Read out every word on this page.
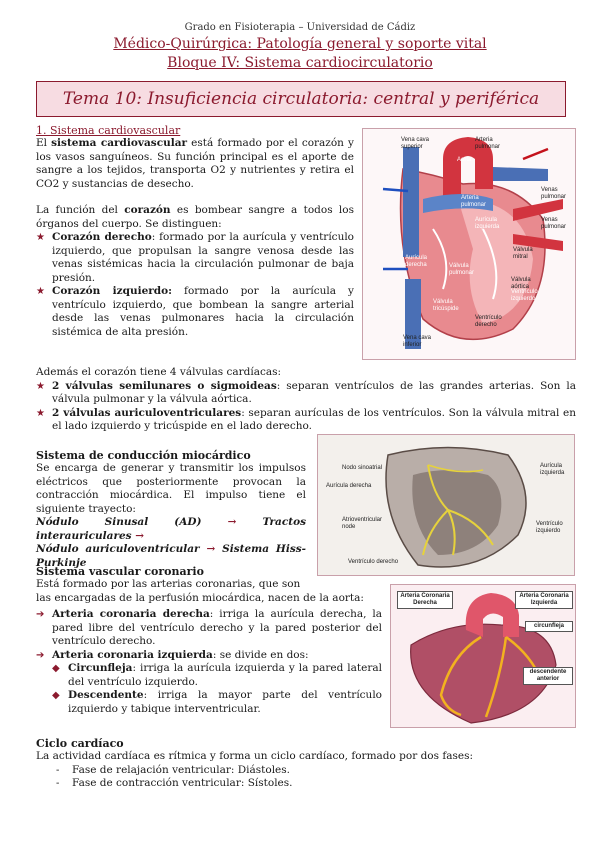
Grado en Fisioterapia – Universidad de Cádiz
Médico-Quirúrgica: Patología general y soporte vital
Bloque IV: Sistema cardiocirculatorio
Tema 10: Insuficiencia circulatoria: central y periférica
1. Sistema cardiovascular
El sistema cardiovascular está formado por el corazón y los vasos sanguíneos. Su función principal es el aporte de sangre a los tejidos, transporta O2 y nutrientes y retira el CO2 y sustancias de desecho.
La función del corazón es bombear sangre a todos los órganos del cuerpo. Se distinguen:
★ Corazón derecho: formado por la aurícula y ventrículo izquierdo, que propulsan la sangre venosa desde las venas sistémicas hacia la circulación pulmonar de baja presión.
★ Corazón izquierdo: formado por la aurícula y ventrículo izquierdo, que bombean la sangre arterial desde las venas pulmonares hacia la circulación sistémica de alta presión.
Además el corazón tiene 4 válvulas cardíacas:
★ 2 válvulas semilunares o sigmoideas: separan ventrículos de las grandes arterias. Son la válvula pulmonar y la válvula aórtica.
★ 2 válvulas auriculoventriculares: separan aurículas de los ventrículos. Son la válvula mitral en el lado izquierdo y tricúspide en el lado derecho.
Vena cava superior
Arteria pulmonar
Aorta
Arteria pulmonar
Venas pulmonar
Venas pulmonar
Aurícula izquierda
Aurícula derecha	Válvula pulmonar
Válvula mitral
Válvula aórtica
Ventrículo izquierdo
Válvula tricúspide
Ventrículo derecho
Vena cava inferior
Sistema de conducción miocárdico
Se encarga de generar y transmitir los impulsos eléctricos que posteriormente provocan la contracción miocárdica. El impulso tiene el siguiente trayecto:
Nódulo Sinusal (AD) → Tractos interauriculares →
Nódulo auriculoventricular → Sistema Hiss-Purkinje
Nodo sinoatrial
Aurícula derecha
Atrioventricular node
Ventrículo derecho
Aurícula izquierda
Ventrículo izquierdo
Sistema vascular coronario
Está formado por las arterias coronarias, que son
las encargadas de la perfusión miocárdica, nacen de la aorta:
➔ Arteria coronaria derecha: irriga la aurícula derecha, la pared libre del ventrículo derecho y la pared posterior del ventrículo derecho.
➔ Arteria coronaria izquierda: se divide en dos:
◆ Circunfleja: irriga la aurícula izquierda y la pared lateral del ventrículo izquierdo.
◆ Descendente: irriga la mayor parte del ventrículo izquierdo y tabique interventricular.
Arteria Coronaria Derecha
Arteria Coronaria Izquierda
circunfleja
descendente anterior
Ciclo cardíaco
La actividad cardíaca es rítmica y forma un ciclo cardíaco, formado por dos fases:
- Fase de relajación ventricular: Diástoles.
- Fase de contracción ventricular: Sístoles.
